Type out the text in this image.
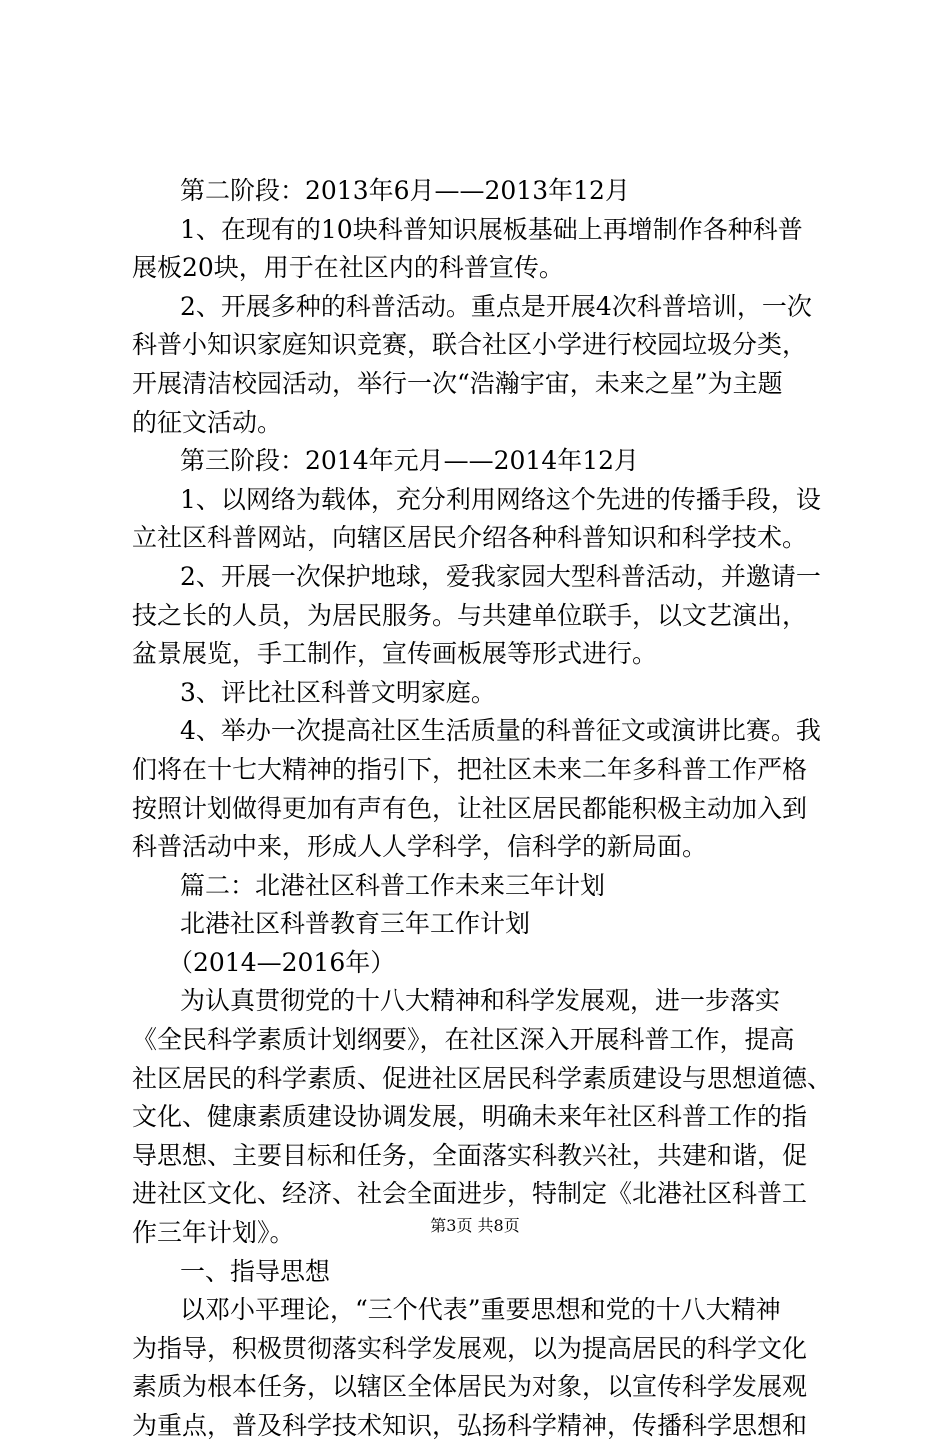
第二阶段：2013年6月——2013年12月
1、在现有的10块科普知识展板基础上再增制作各种科普
展板20块，用于在社区内的科普宣传。
2、开展多种的科普活动。重点是开展4次科普培训，一次
科普小知识家庭知识竞赛，联合社区小学进行校园垃圾分类，
开展清洁校园活动，举行一次“浩瀚宇宙，未来之星”为主题
的征文活动。
第三阶段：2014年元月——2014年12月
1、以网络为载体，充分利用网络这个先进的传播手段，设
立社区科普网站，向辖区居民介绍各种科普知识和科学技术。
2、开展一次保护地球，爱我家园大型科普活动，并邀请一
技之长的人员，为居民服务。与共建单位联手，以文艺演出，
盆景展览，手工制作，宣传画板展等形式进行。
3、评比社区科普文明家庭。
4、举办一次提高社区生活质量的科普征文或演讲比赛。我
们将在十七大精神的指引下，把社区未来二年多科普工作严格
按照计划做得更加有声有色，让社区居民都能积极主动加入到
科普活动中来，形成人人学科学，信科学的新局面。
篇二：北港社区科普工作未来三年计划
北港社区科普教育三年工作计划
（2014—2016年）
为认真贯彻党的十八大精神和科学发展观，进一步落实
《全民科学素质计划纲要》，在社区深入开展科普工作，提高
社区居民的科学素质、促进社区居民科学素质建设与思想道德、
文化、健康素质建设协调发展，明确未来年社区科普工作的指
导思想、主要目标和任务，全面落实科教兴社，共建和谐，促
进社区文化、经济、社会全面进步，特制定《北港社区科普工
作三年计划》。
一、指导思想
以邓小平理论，“三个代表”重要思想和党的十八大精神
为指导，积极贯彻落实科学发展观，以为提高居民的科学文化
素质为根本任务，以辖区全体居民为对象，以宣传科学发展观
为重点，普及科学技术知识，弘扬科学精神，传播科学思想和
第3页 共8页
